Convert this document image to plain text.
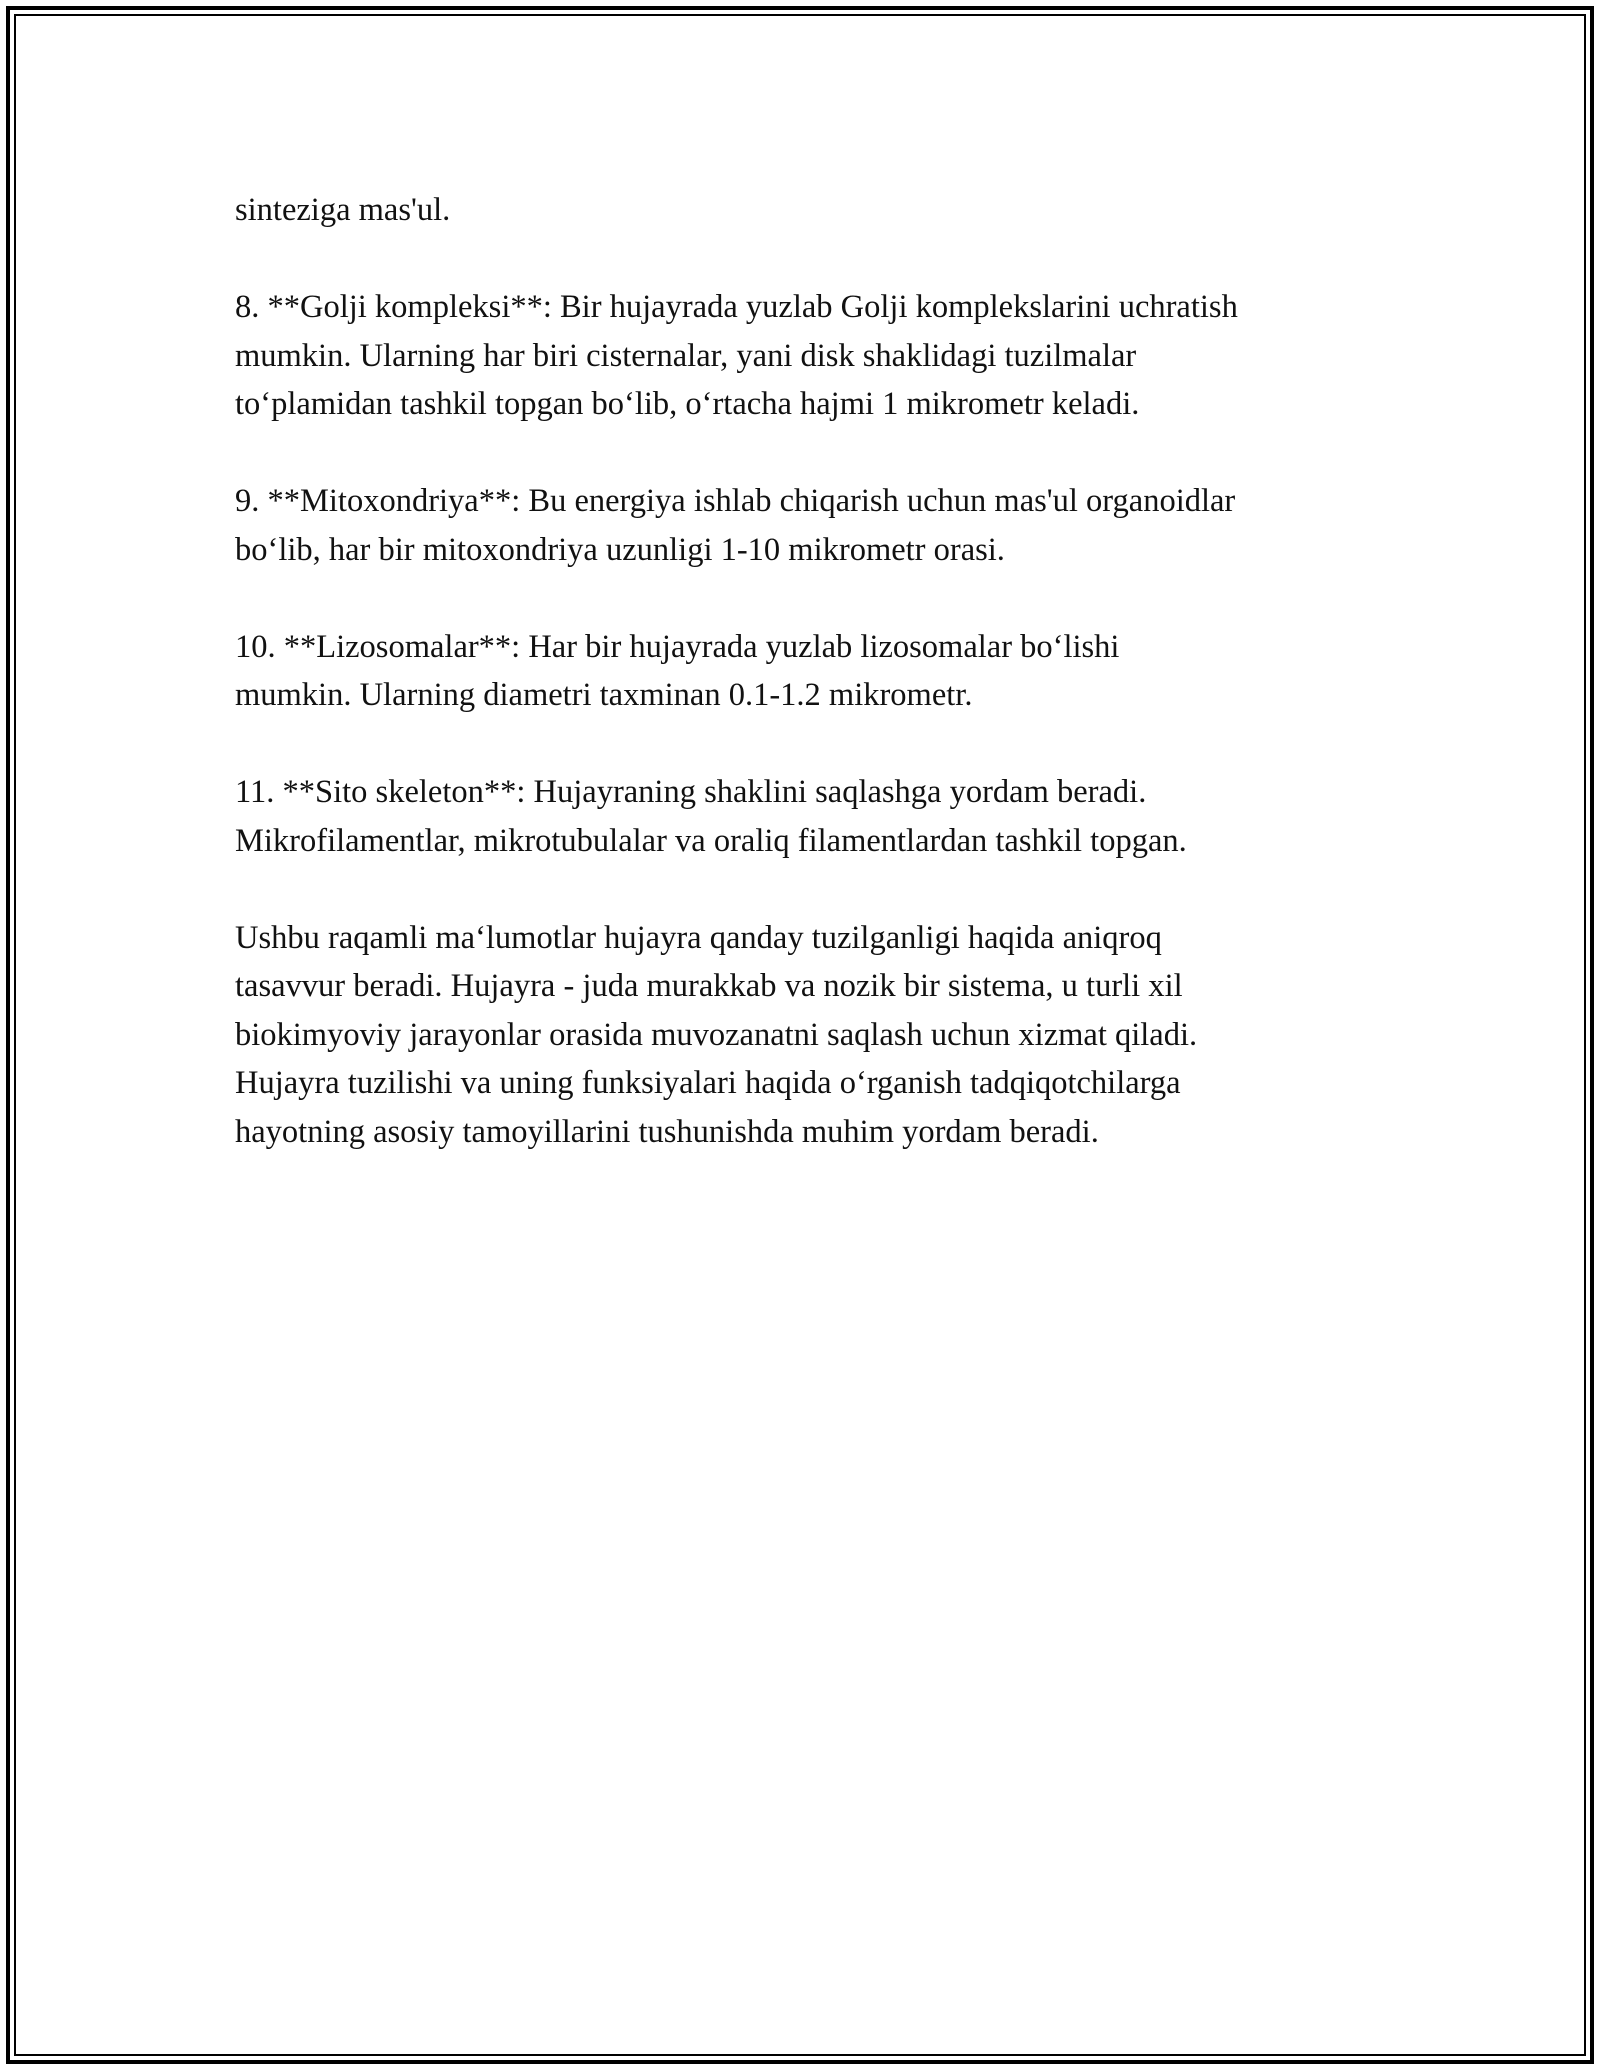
sinteziga mas'ul.

8. **Golji kompleksi**: Bir hujayrada yuzlab Golji komplekslarini uchratish
mumkin. Ularning har biri cisternalar, yani disk shaklidagi tuzilmalar
to‘plamidan tashkil topgan bo‘lib, o‘rtacha hajmi 1 mikrometr keladi.

9. **Mitoxondriya**: Bu energiya ishlab chiqarish uchun mas'ul organoidlar
bo‘lib, har bir mitoxondriya uzunligi 1-10 mikrometr orasi.

10. **Lizosomalar**: Har bir hujayrada yuzlab lizosomalar bo‘lishi
mumkin. Ularning diametri taxminan 0.1-1.2 mikrometr.

11. **Sito skeleton**: Hujayraning shaklini saqlashga yordam beradi.
Mikrofilamentlar, mikrotubulalar va oraliq filamentlardan tashkil topgan.

Ushbu raqamli ma‘lumotlar hujayra qanday tuzilganligi haqida aniqroq
tasavvur beradi. Hujayra - juda murakkab va nozik bir sistema, u turli xil
biokimyoviy jarayonlar orasida muvozanatni saqlash uchun xizmat qiladi.
Hujayra tuzilishi va uning funksiyalari haqida o‘rganish tadqiqotchilarga
hayotning asosiy tamoyillarini tushunishda muhim yordam beradi.
